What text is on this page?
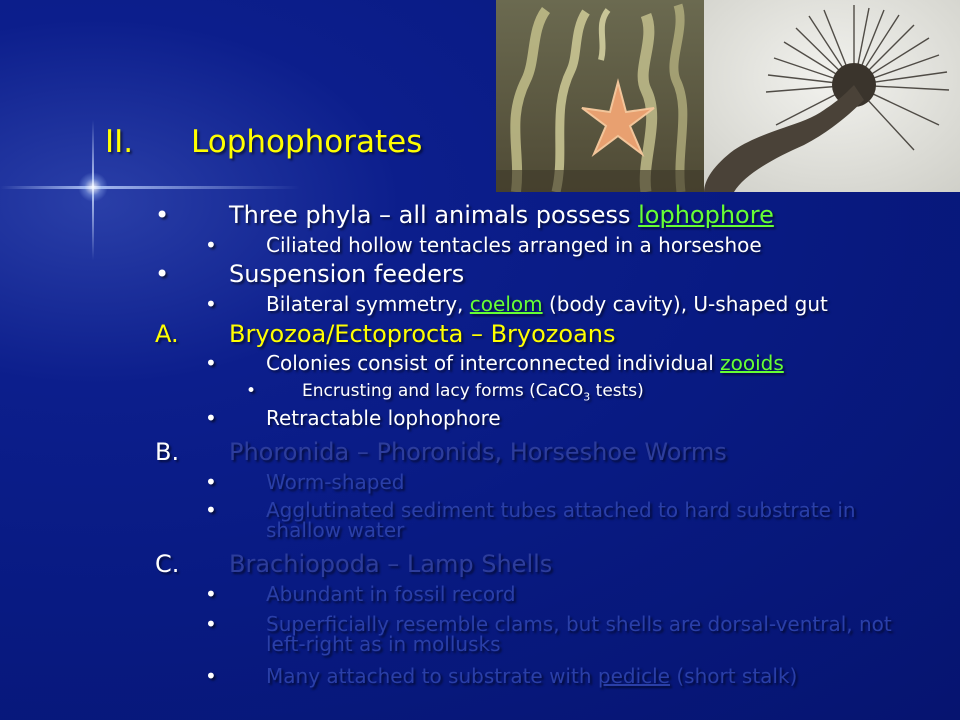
II. Lophophorates
• Three phyla – all animals possess lophophore
• Ciliated hollow tentacles arranged in a horseshoe
• Suspension feeders
• Bilateral symmetry, coelom (body cavity), U-shaped gut
A. Bryozoa/Ectoprocta – Bryozoans
• Colonies consist of interconnected individual zooids
•	Encrusting and lacy forms (CaCO$_3$ tests)
• Retractable lophophore
B. Phoronida – Phoronids, Horseshoe Worms
• Worm-shaped
• Agglutinated sediment tubes attached to hard substrate in
shallow water
C. Brachiopoda – Lamp Shells
• Abundant in fossil record
• Superficially resemble clams, but shells are dorsal-ventral, not
left-right as in mollusks
• Many attached to substrate with pedicle (short stalk)
